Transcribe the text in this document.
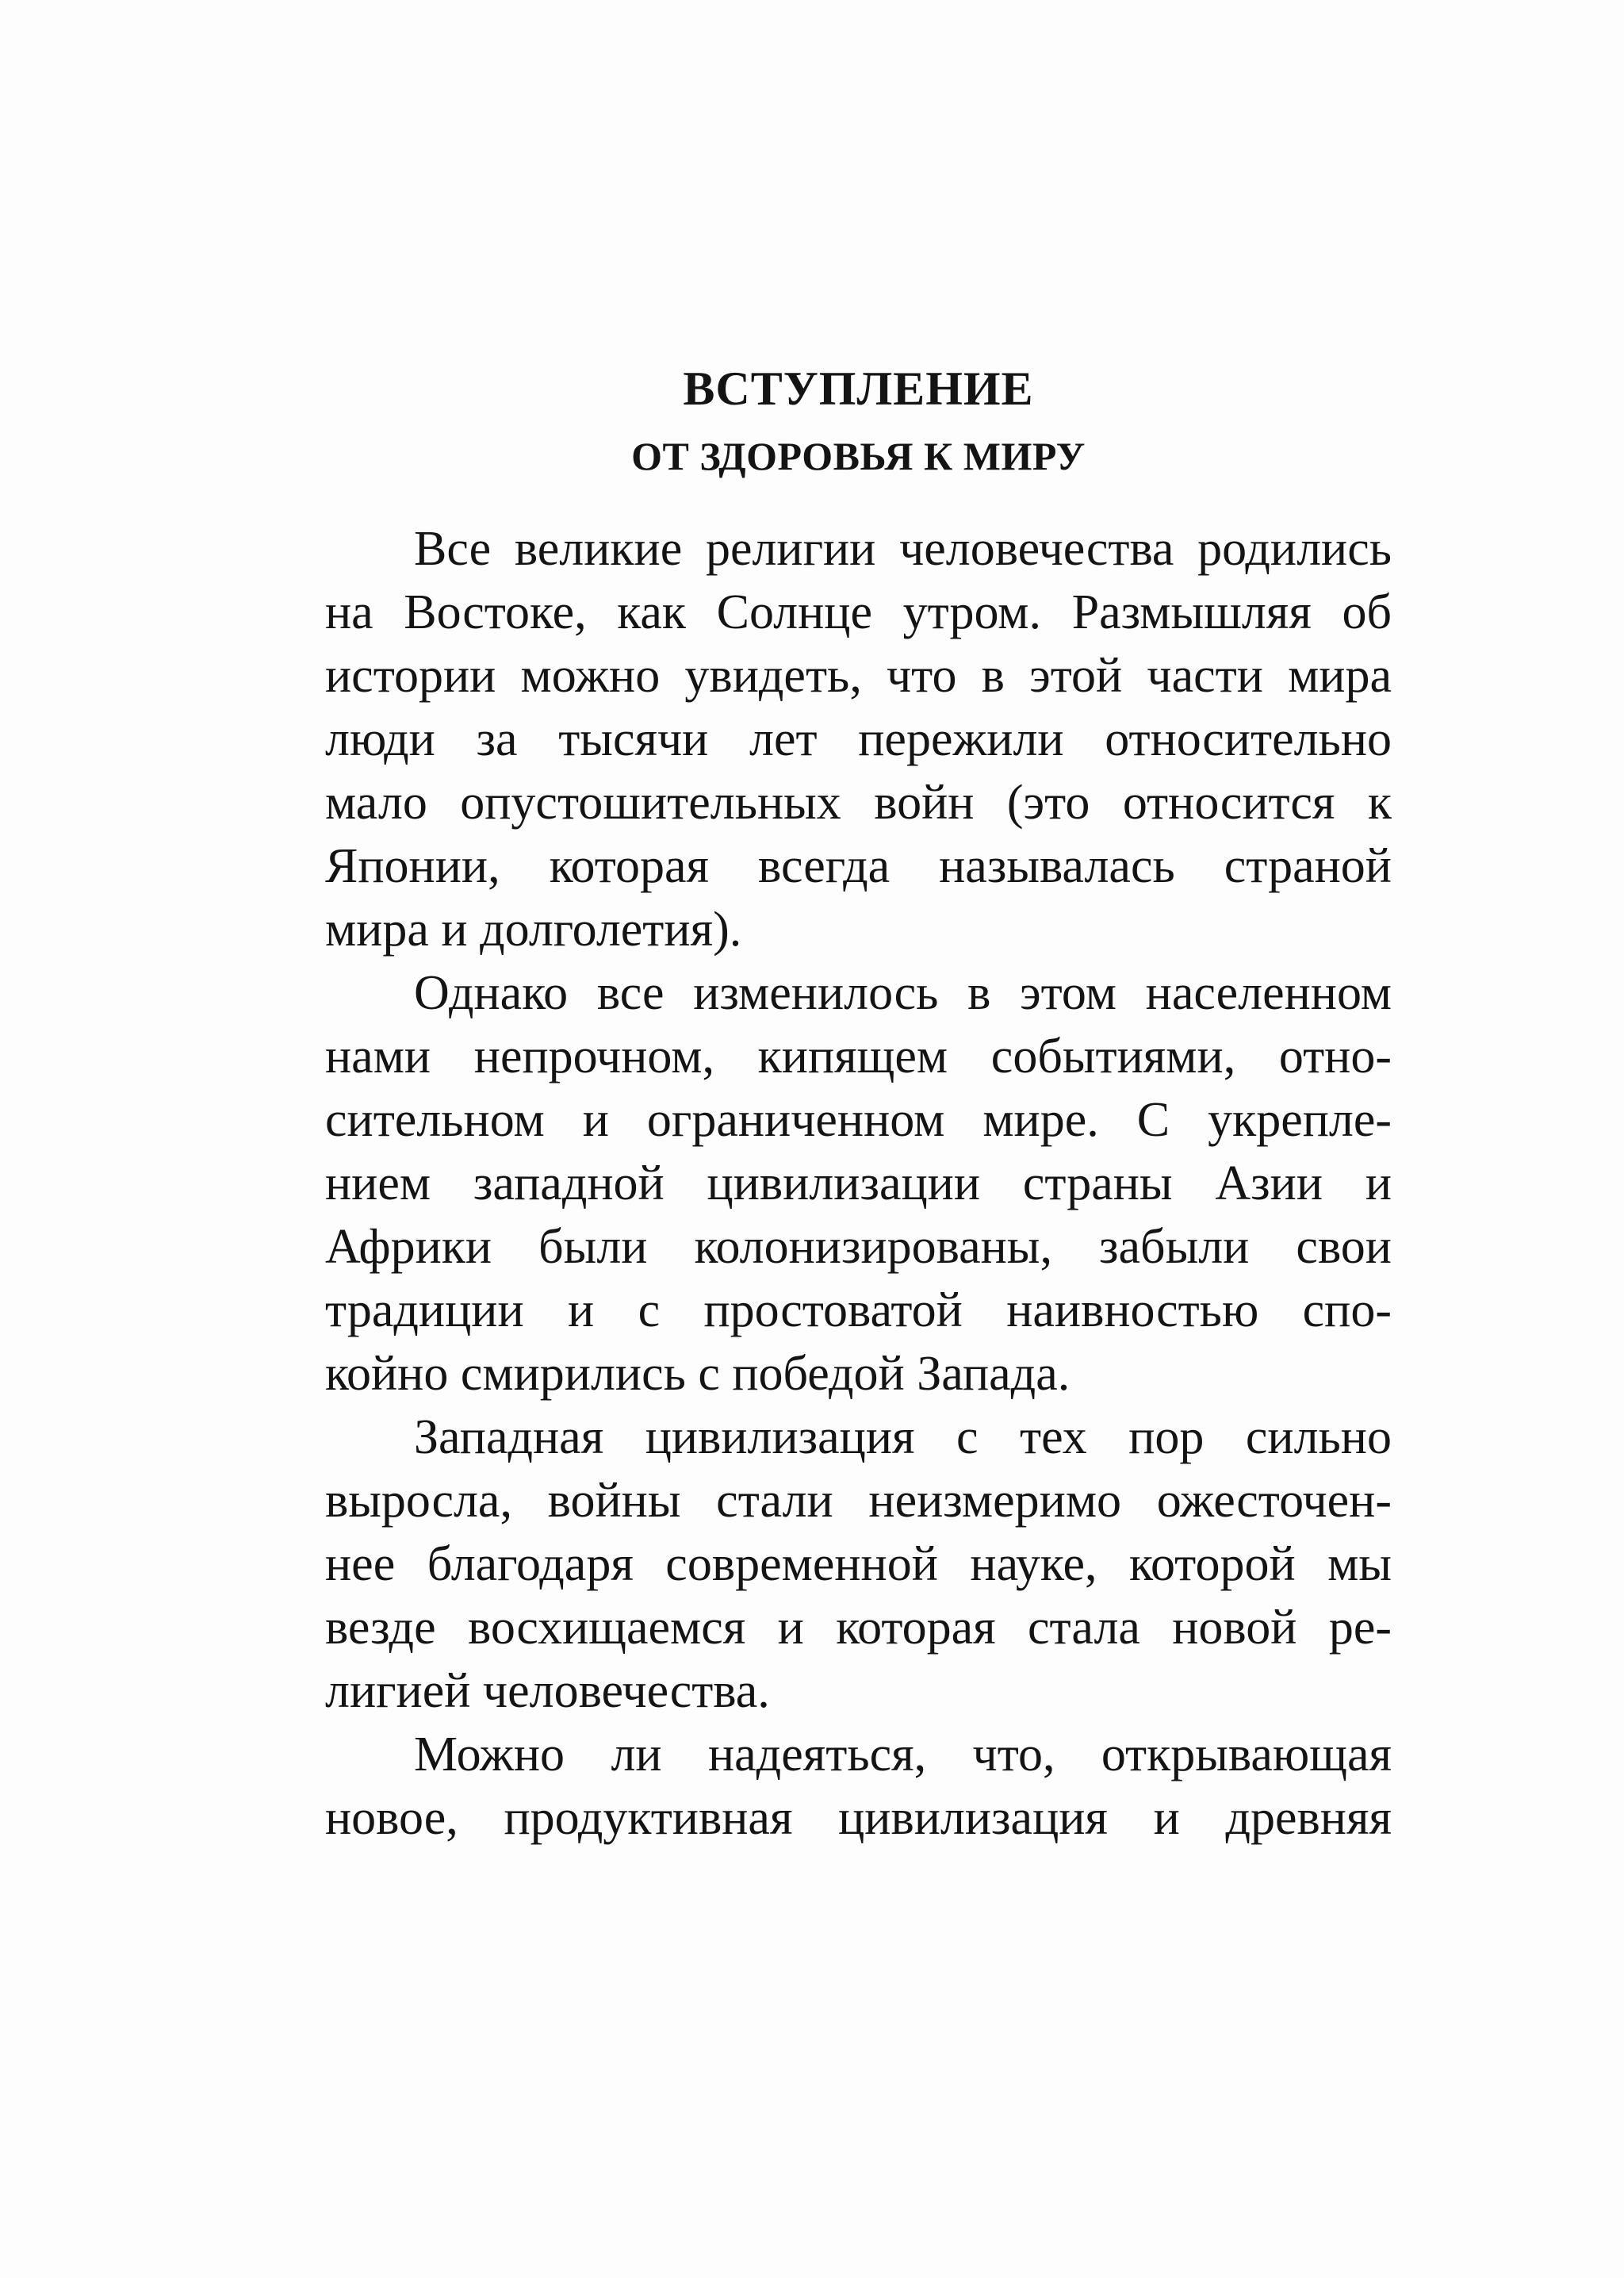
ВСТУПЛЕНИЕ
ОТ ЗДОРОВЬЯ К МИРУ
Все великие религии человечества родились
на Востоке, как Солнце утром. Размышляя об
истории можно увидеть, что в этой части мира
люди за тысячи лет пережили относительно
мало опустошительных войн (это относится к
Японии, которая всегда называлась страной
мира и долголетия).
Однако все изменилось в этом населенном
нами непрочном, кипящем событиями, отно-
сительном и ограниченном мире. С укрепле-
нием западной цивилизации страны Азии и
Африки были колонизированы, забыли свои
традиции и с простоватой наивностью спо-
койно смирились с победой Запада.
Западная цивилизация с тех пор сильно
выросла, войны стали неизмеримо ожесточен-
нее благодаря современной науке, которой мы
везде восхищаемся и которая стала новой ре-
лигией человечества.
Можно ли надеяться, что, открывающая
новое, продуктивная цивилизация и древняя
